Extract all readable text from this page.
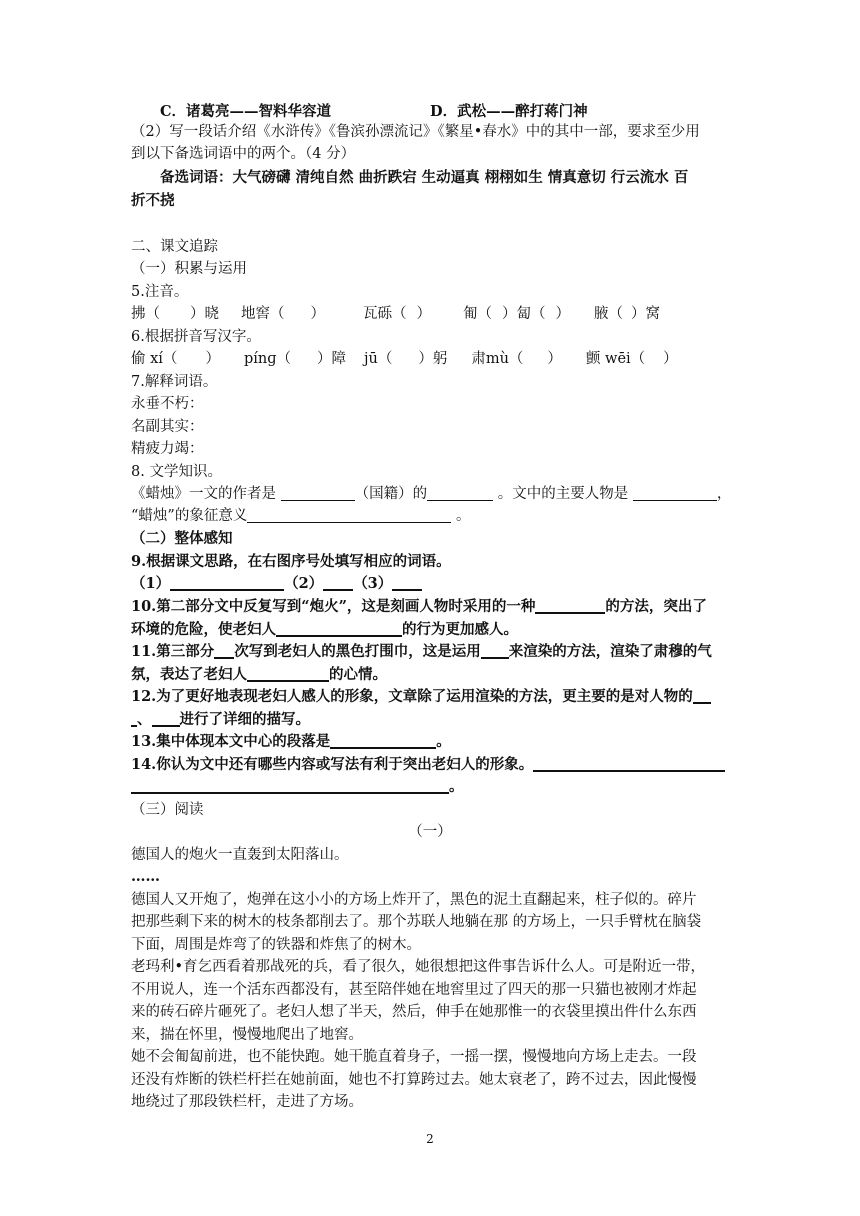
C．诸葛亮——智料华容道	D．武松——醉打蒋门神
（2）写一段话介绍《水浒传》《鲁滨孙漂流记》《繁星•春水》中的其中一部，要求至少用
到以下备选词语中的两个。（4 分）
备选词语：大气磅礴 清纯自然 曲折跌宕 生动逼真 栩栩如生 情真意切 行云流水 百
折不挠
二、课文追踪
（一）积累与运用
5.注音。
拂（ ）晓 地窖（ ）	瓦砾（ ） 匍（ ）匐（ ） 腋（ ）窝
6.根据拼音写汉字。
偷 xí（ ） pínɡ（ ）障 jū（ ）躬 肃mù（ ） 颤 wēi（ ）
7.解释词语。
永垂不朽：
名副其实：
精疲力竭：
8. 文学知识。
《蜡烛》一文的作者是	（国籍）的	。文中的主要人物是	，
“蜡烛”的象征意义	。
（二）整体感知
9.根据课文思路，在右图序号处填写相应的词语。
（1）	（2） （3）
10.第二部分文中反复写到“炮火”，这是刻画人物时采用的一种	的方法，突出了
环境的危险，使老妇人	的行为更加感人。
11.第三部分 次写到老妇人的黑色打围巾，这是运用 来渲染的方法，渲染了肃穆的气
氛，表达了老妇人	的心情。
12.为了更好地表现老妇人感人的形象，文章除了运用渲染的方法，更主要的是对人物的
、 进行了详细的描写。
13.集中体现本文中心的段落是	。
14.你认为文中还有哪些内容或写法有利于突出老妇人的形象。
。
（三）阅读
（一）
德国人的炮火一直轰到太阳落山。
……
德国人又开炮了，炮弹在这小小的方场上炸开了，黑色的泥土直翻起来，柱子似的。碎片
把那些剩下来的树木的枝条都削去了。那个苏联人地躺在那 的方场上，一只手臂枕在脑袋
下面，周围是炸弯了的铁器和炸焦了的树木。
老玛利•育乞西看着那战死的兵，看了很久，她很想把这件事告诉什么人。可是附近一带，
不用说人，连一个活东西都没有，甚至陪伴她在地窖里过了四天的那一只猫也被刚才炸起
来的砖石碎片砸死了。老妇人想了半天，然后，伸手在她那惟一的衣袋里摸出件什么东西
来，揣在怀里，慢慢地爬出了地窖。
她不会匍匐前进，也不能快跑。她干脆直着身子，一摇一摆，慢慢地向方场上走去。一段
还没有炸断的铁栏杆拦在她前面，她也不打算跨过去。她太衰老了，跨不过去，因此慢慢
地绕过了那段铁栏杆，走进了方场。
2
